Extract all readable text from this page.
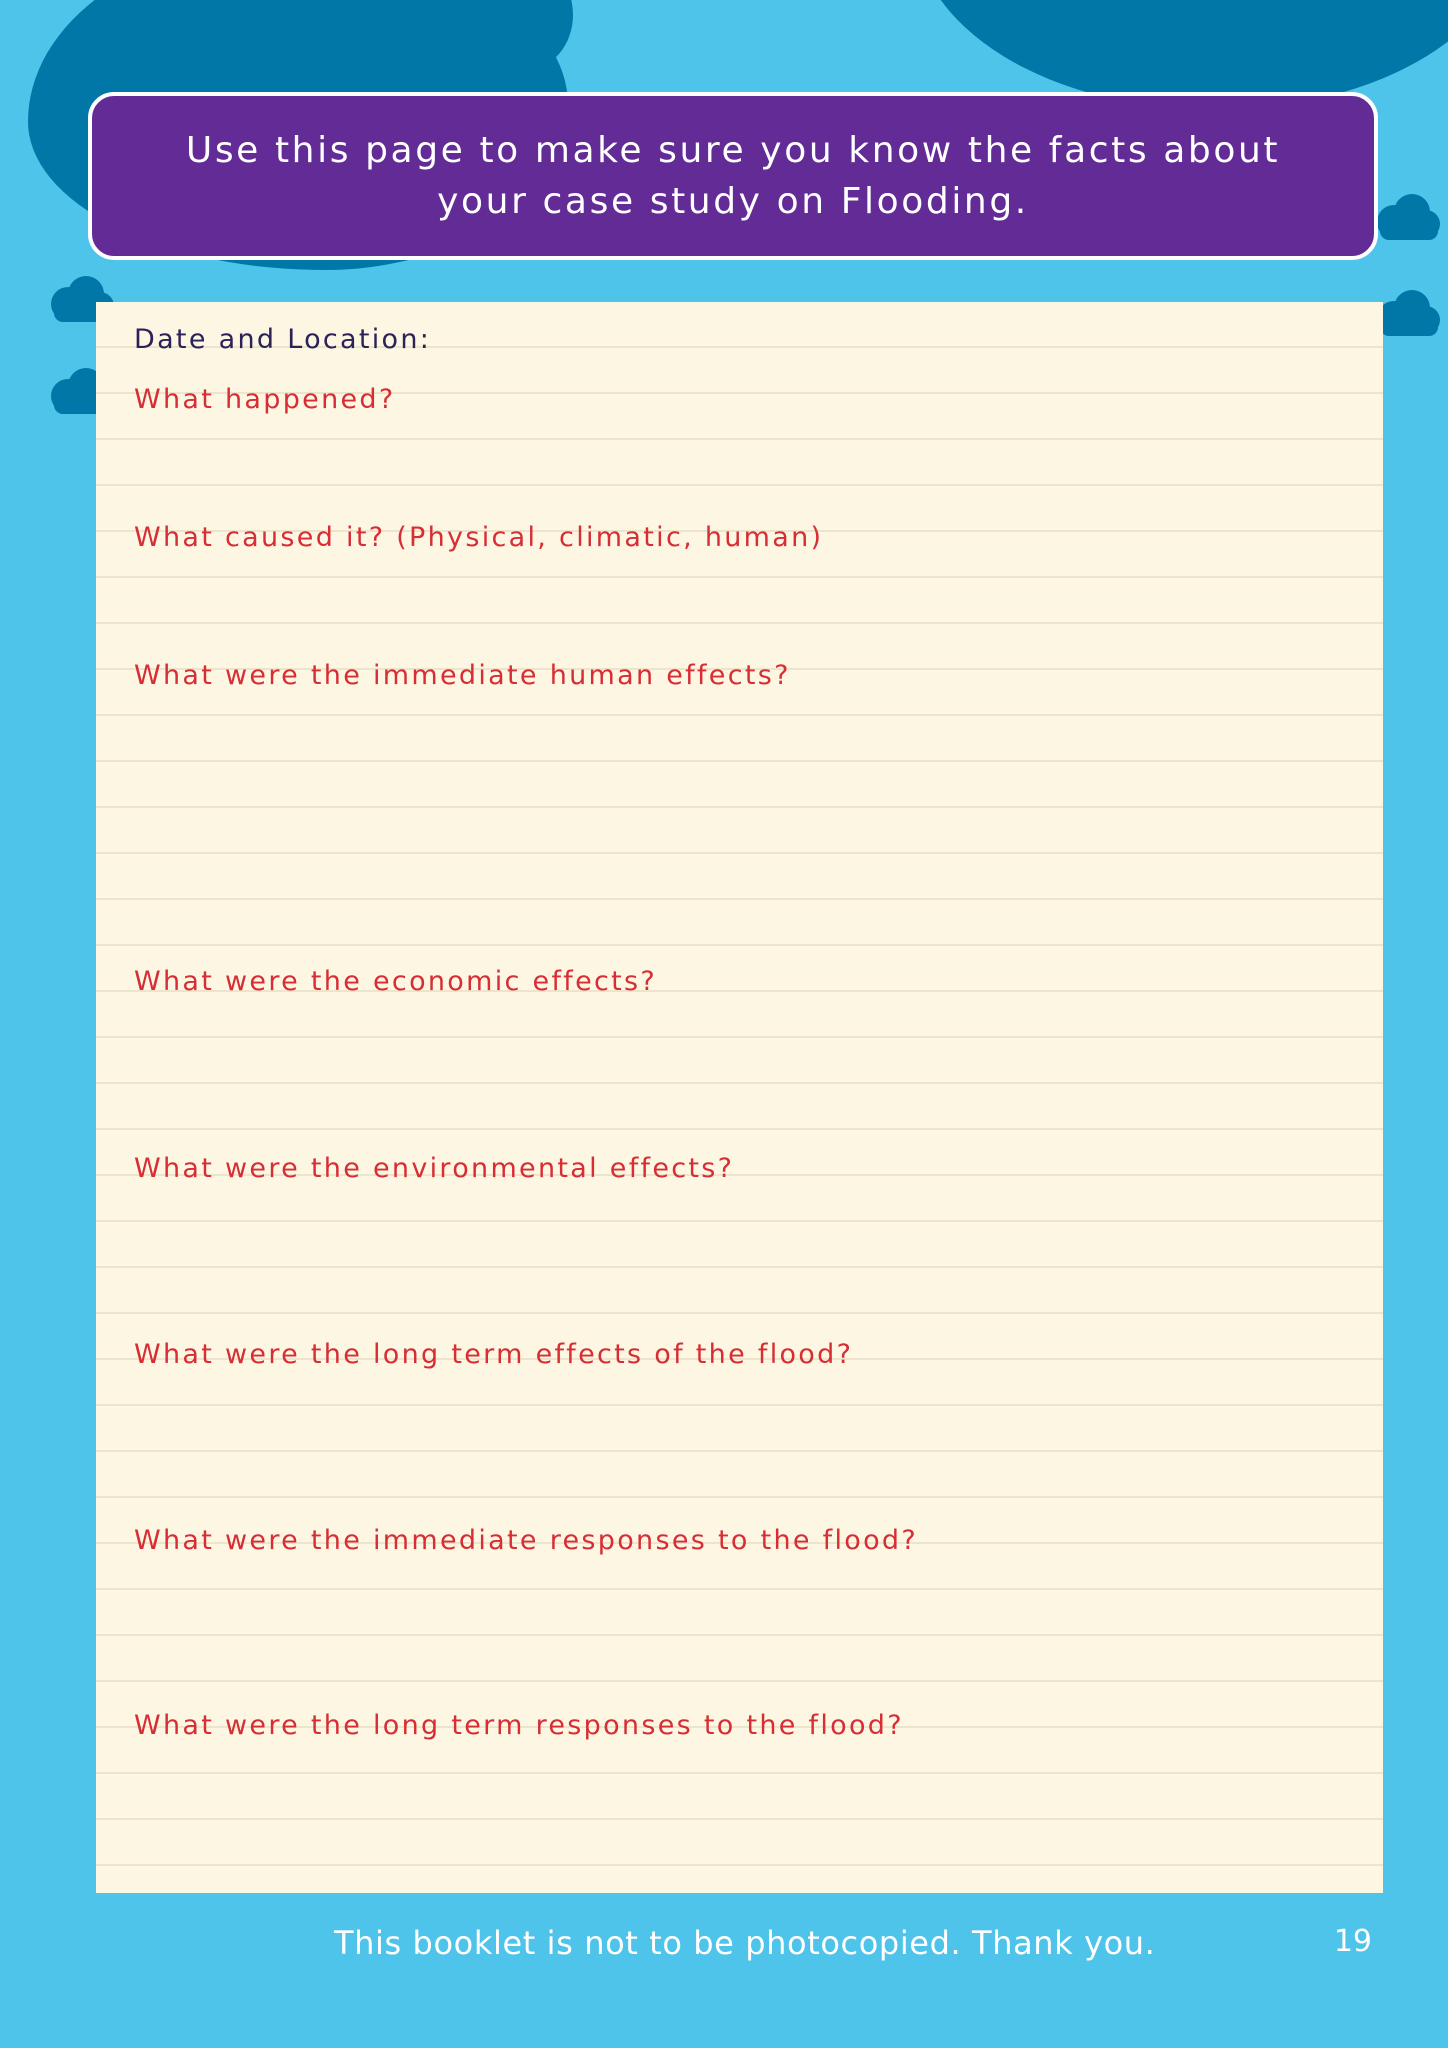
Use this page to make sure you know the facts about
your case study on Flooding.
Date and Location:
What happened?
What caused it? (Physical, climatic, human)
What were the immediate human effects?
What were the economic effects?
What were the environmental effects?
What were the long term effects of the flood?
What were the immediate responses to the flood?
What were the long term responses to the flood?
This booklet is not to be photocopied. Thank you.	19
